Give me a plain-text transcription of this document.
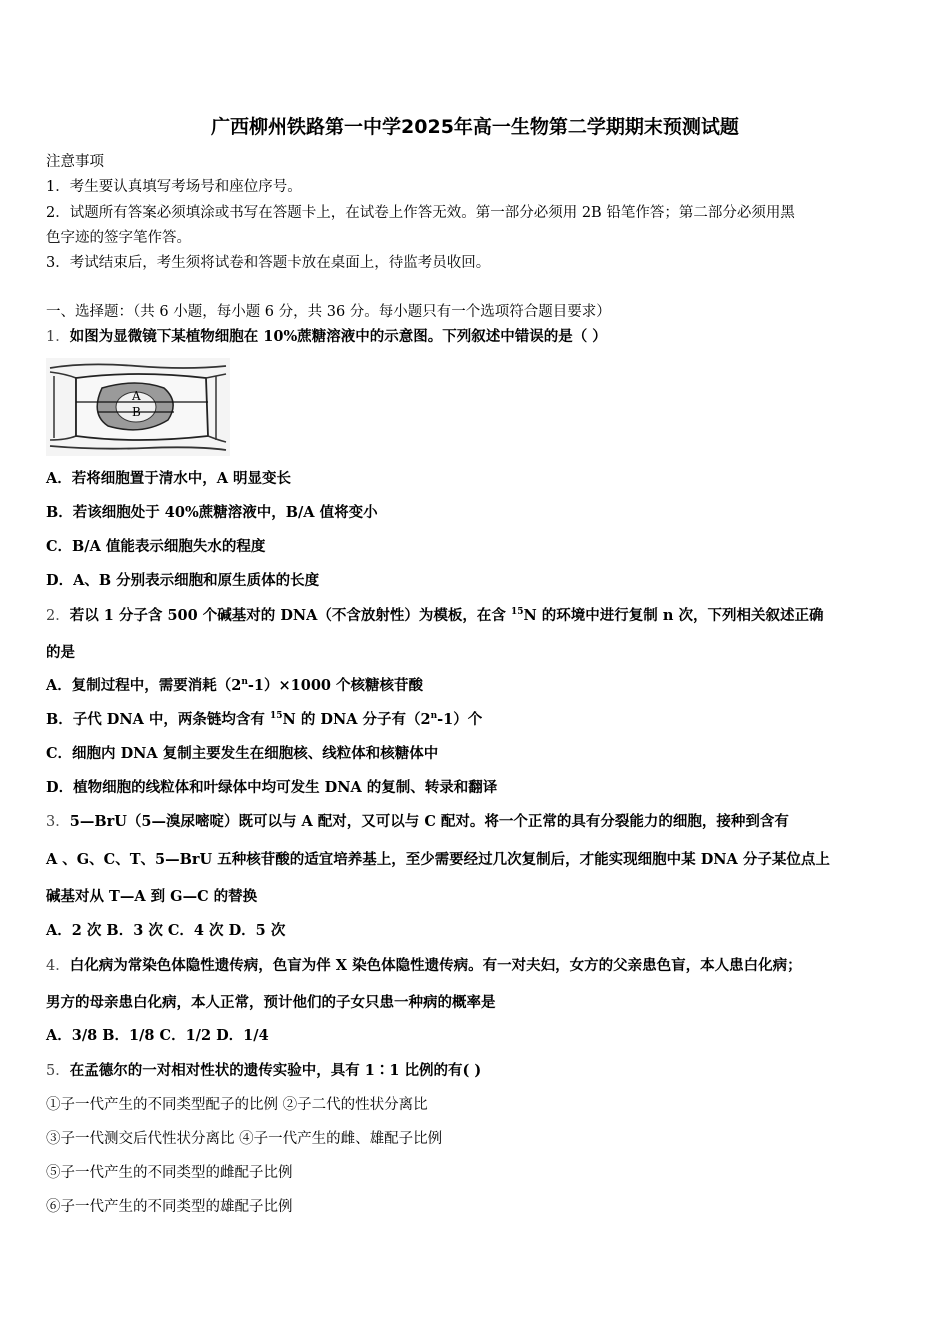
广西柳州铁路第一中学2025年高一生物第二学期期末预测试题
注意事项
1．考生要认真填写考场号和座位序号。
2．试题所有答案必须填涂或书写在答题卡上，在试卷上作答无效。第一部分必须用 2B 铅笔作答；第二部分必须用黑
色字迹的签字笔作答。
3．考试结束后，考生须将试卷和答题卡放在桌面上，待监考员收回。
一、选择题：（共 6 小题，每小题 6 分，共 36 分。每小题只有一个选项符合题目要求）
1．如图为显微镜下某植物细胞在 10%蔗糖溶液中的示意图。下列叙述中错误的是（ ）
A
B
A．若将细胞置于清水中，A 明显变长
B．若该细胞处于 40%蔗糖溶液中，B/A 值将变小
C．B/A 值能表示细胞失水的程度
D．A、B 分别表示细胞和原生质体的长度
2．若以 1 分子含 500 个碱基对的 DNA（不含放射性）为模板，在含 $^{15}$N 的环境中进行复制 n 次，下列相关叙述正确
的是
A．复制过程中，需要消耗$(2^n-1)\times 1000$ 个核糖核苷酸
B．子代 DNA 中，两条链均含有 $^{15}$N 的 DNA 分子有（2$^n$-1）个
C．细胞内 DNA 复制主要发生在细胞核、线粒体和核糖体中
D．植物细胞的线粒体和叶绿体中均可发生 DNA 的复制、转录和翻译
3．5—BrU（5—溴尿嘧啶）既可以与 A 配对，又可以与 C 配对。将一个正常的具有分裂能力的细胞，接种到含有
A 、G、C、T、5—BrU 五种核苷酸的适宜培养基上，至少需要经过几次复制后，才能实现细胞中某 DNA 分子某位点上
碱基对从 T—A 到 G—C 的替换
A．2 次 B．3 次 C．4 次 D．5 次
4．白化病为常染色体隐性遗传病，色盲为伴 X 染色体隐性遗传病。有一对夫妇，女方的父亲患色盲，本人患白化病；
男方的母亲患白化病，本人正常，预计他们的子女只患一种病的概率是
A．3/8 B．1/8 C．1/2 D．1/4
5．在孟德尔的一对相对性状的遗传实验中，具有 1∶1 比例的有( )
①子一代产生的不同类型配子的比例 ②子二代的性状分离比
③子一代测交后代性状分离比 ④子一代产生的雌、雄配子比例
⑤子一代产生的不同类型的雌配子比例
⑥子一代产生的不同类型的雄配子比例
